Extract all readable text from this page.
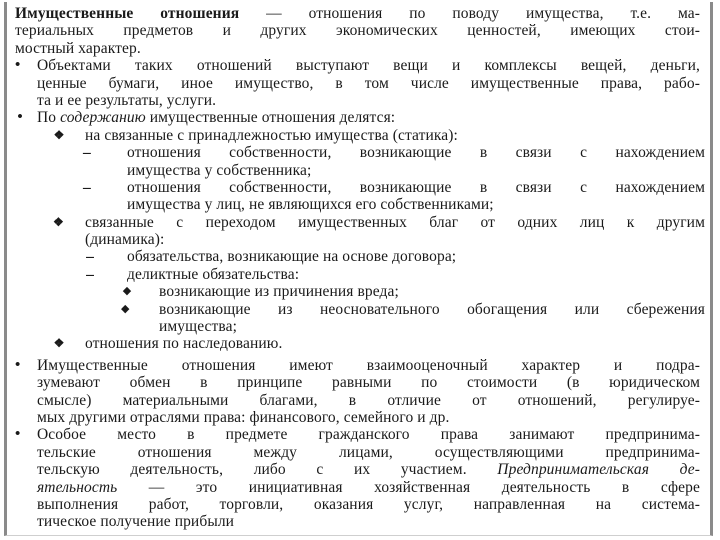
Имущественные отношения — отношения по поводу имущества, т.е. ма-
териальных предметов и других экономических ценностей, имеющих стои-
мостный характер.
• Объектами таких отношений выступают вещи и комплексы вещей, деньги,
ценные бумаги, иное имущество, в том числе имущественные права, рабо-
та и ее результаты, услуги.
• По содержанию имущественные отношения делятся:
❖ на связанные с принадлежностью имущества (статика):
–	отношения собственности, возникающие в связи с нахождением
имущества у собственника;
–	отношения собственности, возникающие в связи с нахождением
имущества у лиц, не являющихся его собственниками;
❖ связанные с переходом имущественных благ от одних лиц к другим
(динамика):
– обязательства, возникающие на основе договора;
– деликтные обязательства:
◆ возникающие из причинения вреда;
◆ возникающие из неосновательного обогащения или сбережения
имущества;
❖ отношения по наследованию.
• Имущественные отношения имеют взаимооценочный характер и подра-
зумевают обмен в принципе равными по стоимости (в юридическом
смысле) материальными благами, в отличие от отношений, регулируе-
мых другими отраслями права: финансового, семейного и др.
• Особое место в предмете гражданского права занимают предпринима-
тельские отношения между лицами, осуществляющими предпринима-
тельскую деятельность, либо с их участием. Предпринимательская де-
ятельность — это инициативная хозяйственная деятельность в сфере
выполнения работ, торговли, оказания услуг, направленная на система-
тическое получение прибыли
